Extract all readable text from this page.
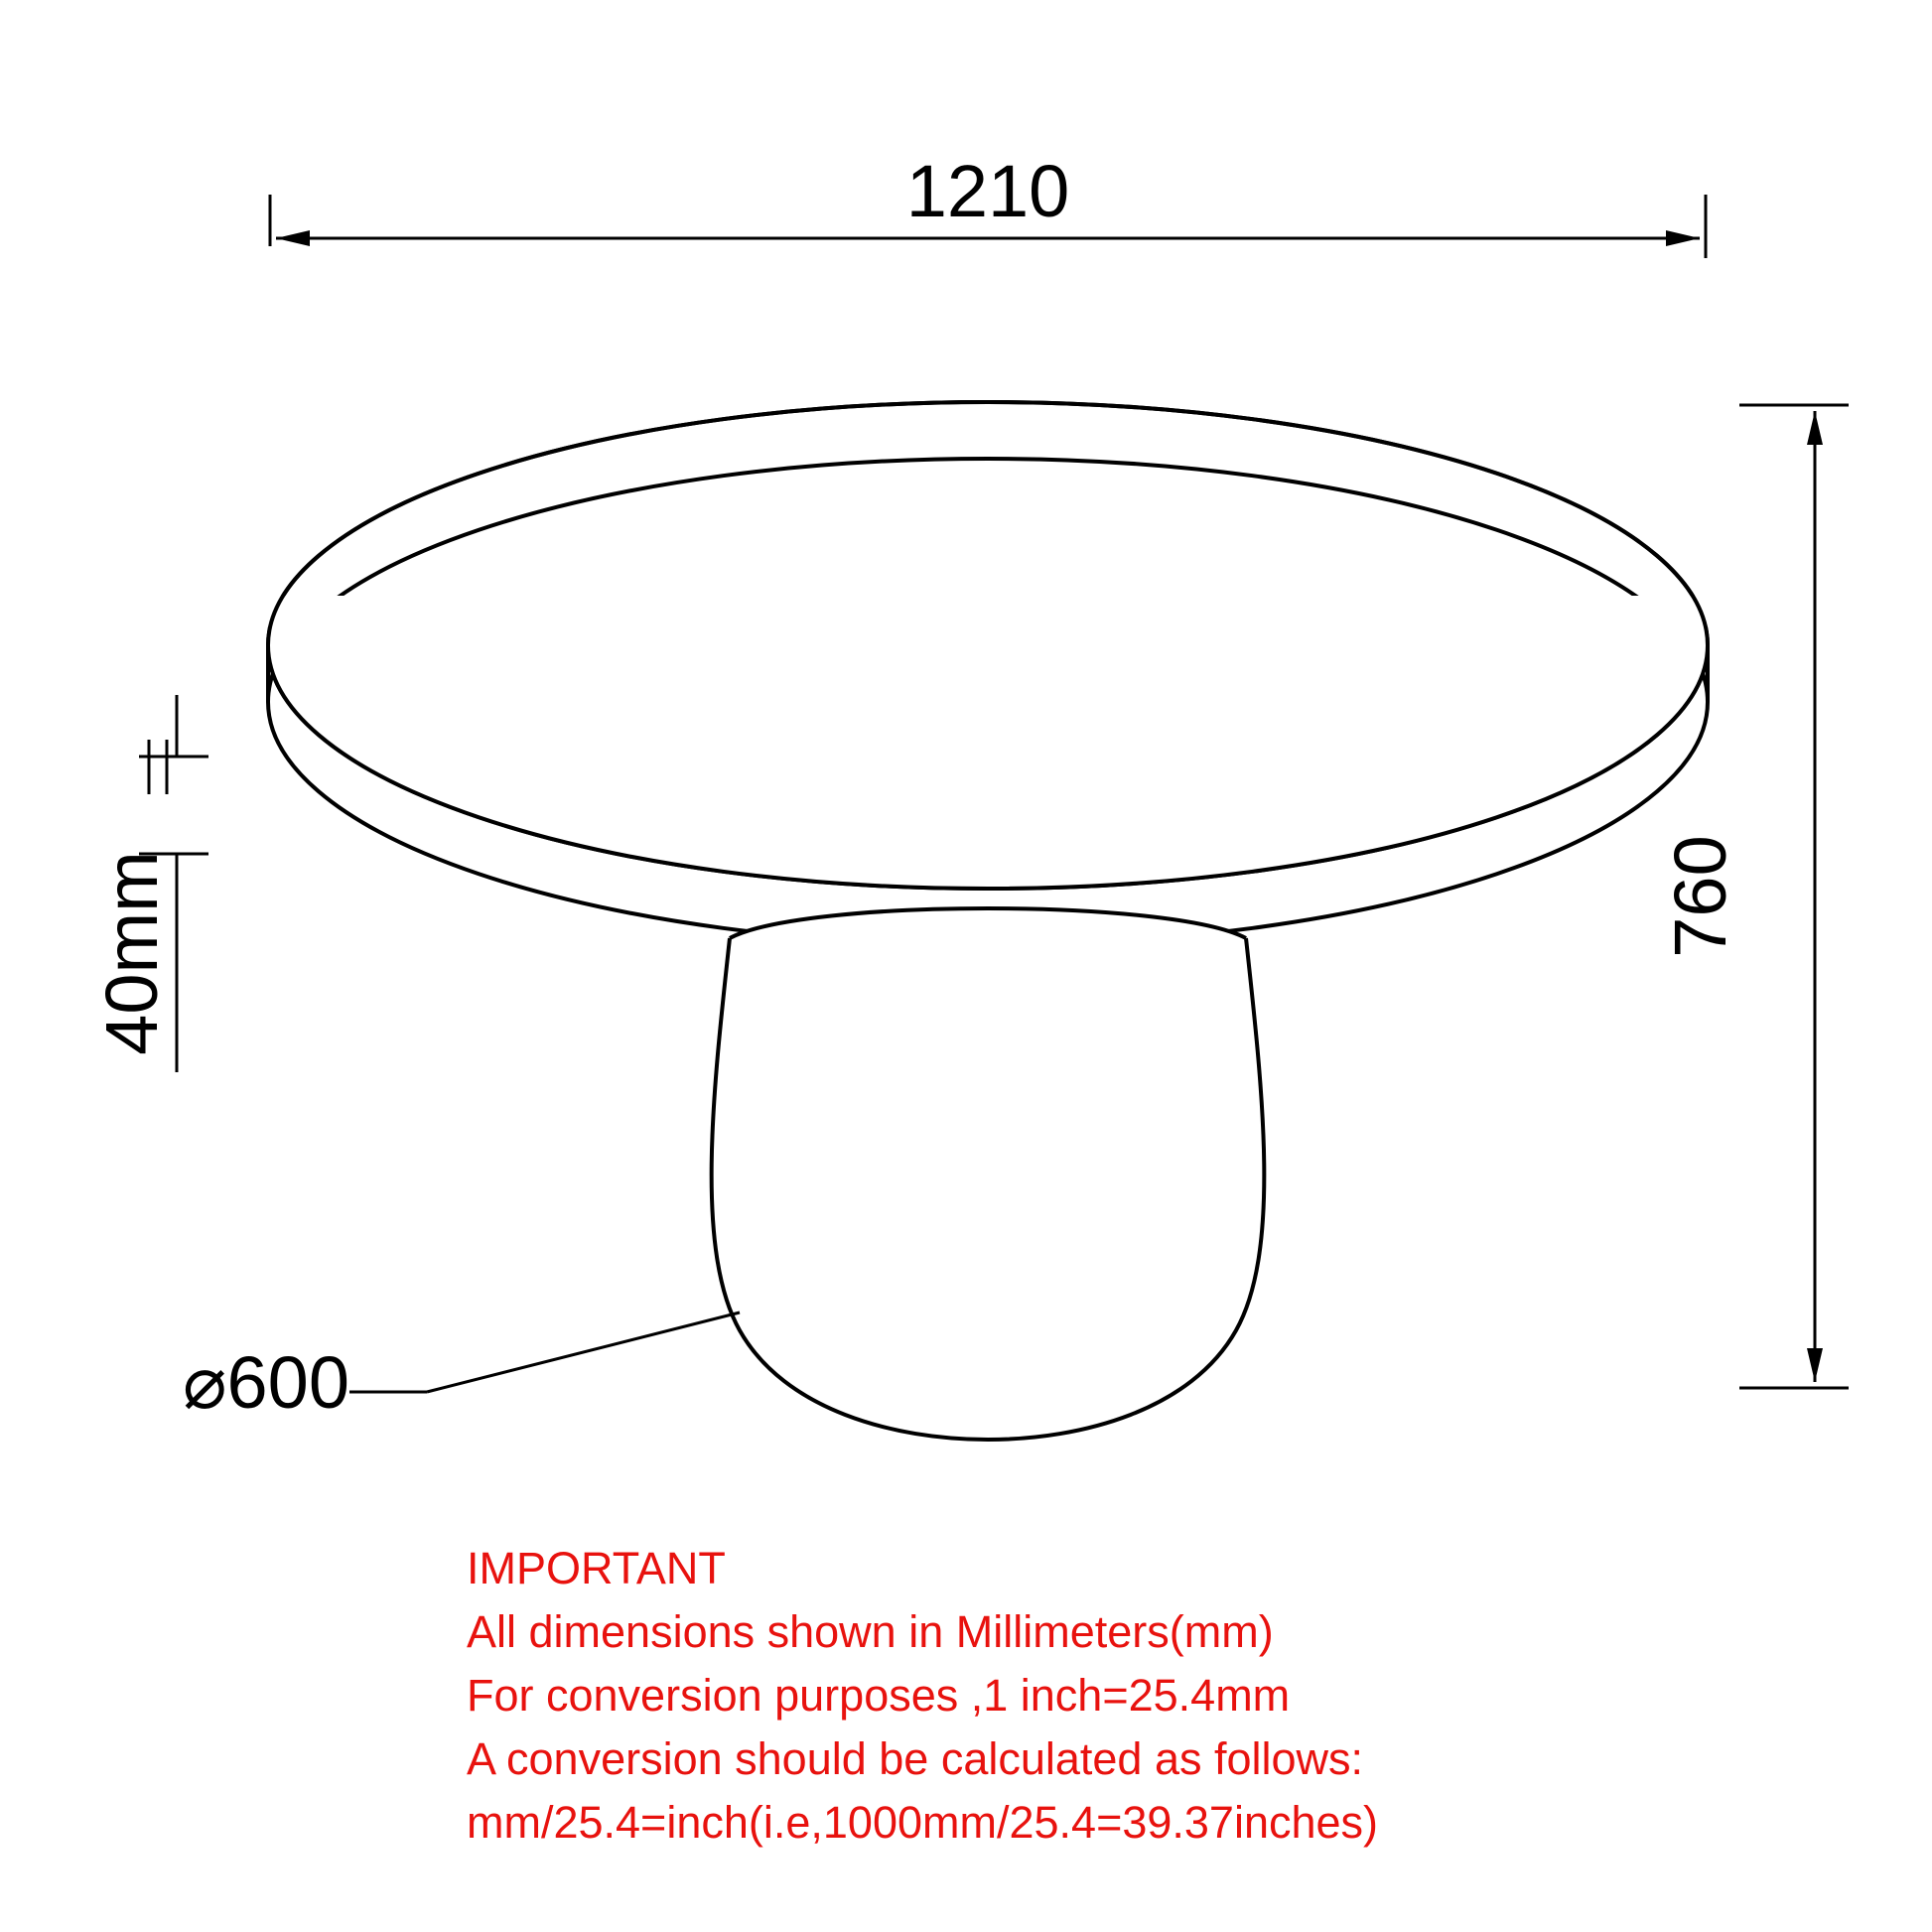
1210
760
40mm
⌀600
IMPORTANT
All dimensions shown in Millimeters(mm)
For conversion purposes ,1 inch=25.4mm
A conversion should be calculated as follows:
mm/25.4=inch(i.e,1000mm/25.4=39.37inches)
